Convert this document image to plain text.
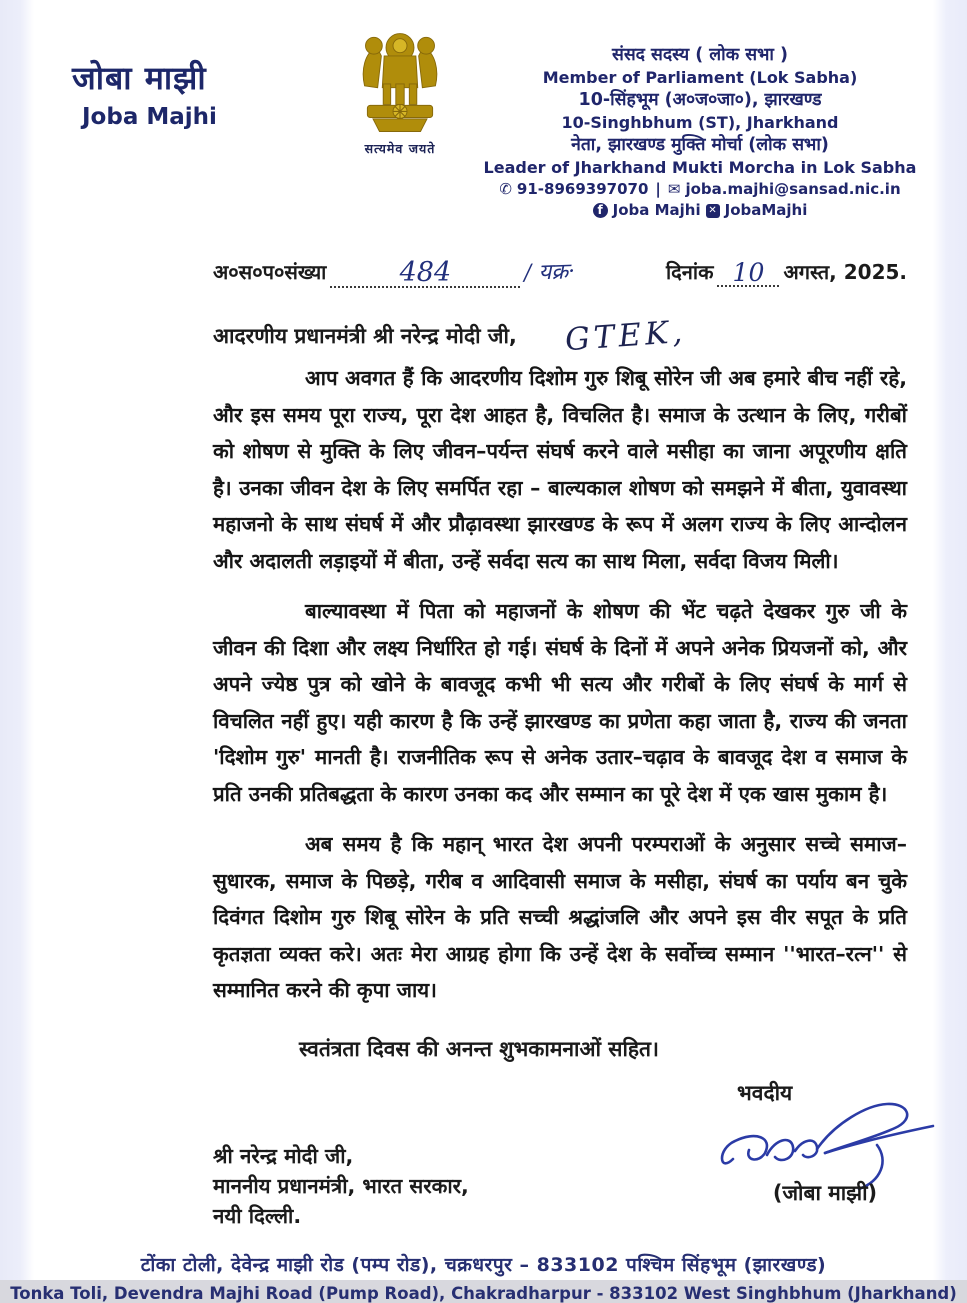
जोबा माझी
Joba Majhi
सत्यमेव जयते
संसद सदस्य ( लोक सभा )
Member of Parliament (Lok Sabha)
10-सिंहभूम (अ०ज०जा०), झारखण्ड
10-Singhbhum (ST), Jharkhand
नेता, झारखण्ड मुक्ति मोर्चा (लोक सभा)
Leader of Jharkhand Mukti Morcha in Lok Sabha
✆ 91-8969397070 | ✉ joba.majhi@sansad.nic.in
f Joba Majhi ✕ JobaMajhi
अ०स०प०संख्या	484	/ यक्र·	दिनांक 10 अगस्त, 2025.
आदरणीय प्रधानमंत्री श्री नरेन्द्र मोदी जी, GTEK,

आप अवगत हैं कि आदरणीय दिशोम गुरु शिबू सोरेन जी अब हमारे बीच नहीं रहे, और इस समय पूरा राज्य, पूरा देश आहत है, विचलित है। समाज के उत्थान के लिए, गरीबों को शोषण से मुक्ति के लिए जीवन–पर्यन्त संघर्ष करने वाले मसीहा का जाना अपूरणीय क्षति है। उनका जीवन देश के लिए समर्पित रहा – बाल्यकाल शोषण को समझने में बीता, युवावस्था महाजनो के साथ संघर्ष में और प्रौढ़ावस्था झारखण्ड के रूप में अलग राज्य के लिए आन्दोलन और अदालती लड़ाइयों में बीता, उन्हें सर्वदा सत्य का साथ मिला, सर्वदा विजय मिली।

बाल्यावस्था में पिता को महाजनों के शोषण की भेंट चढ़ते देखकर गुरु जी के जीवन की दिशा और लक्ष्य निर्धारित हो गई। संघर्ष के दिनों में अपने अनेक प्रियजनों को, और अपने ज्येष्ठ पुत्र को खोने के बावजूद कभी भी सत्य और गरीबों के लिए संघर्ष के मार्ग से विचलित नहीं हुए। यही कारण है कि उन्हें झारखण्ड का प्रणेता कहा जाता है, राज्य की जनता 'दिशोम गुरु' मानती है। राजनीतिक रूप से अनेक उतार–चढ़ाव के बावजूद देश व समाज के प्रति उनकी प्रतिबद्धता के कारण उनका कद और सम्मान का पूरे देश में एक खास मुकाम है।

अब समय है कि महान् भारत देश अपनी परम्पराओं के अनुसार सच्चे समाज–सुधारक, समाज के पिछड़े, गरीब व आदिवासी समाज के मसीहा, संघर्ष का पर्याय बन चुके दिवंगत दिशोम गुरु शिबू सोरेन के प्रति सच्ची श्रद्धांजलि और अपने इस वीर सपूत के प्रति कृतज्ञता व्यक्त करे। अतः मेरा आग्रह होगा कि उन्हें देश के सर्वोच्च सम्मान ''भारत–रत्न'' से सम्मानित करने की कृपा जाय।

स्वतंत्रता दिवस की अनन्त शुभकामनाओं सहित।
श्री नरेन्द्र मोदी जी,
माननीय प्रधानमंत्री, भारत सरकार,
नयी दिल्ली.
भवदीय
(जोबा माझी)
टोंका टोली, देवेन्द्र माझी रोड (पम्प रोड), चक्रधरपुर – 833102 पश्चिम सिंहभूम (झारखण्ड)
Tonka Toli, Devendra Majhi Road (Pump Road), Chakradharpur - 833102 West Singhbhum (Jharkhand)
